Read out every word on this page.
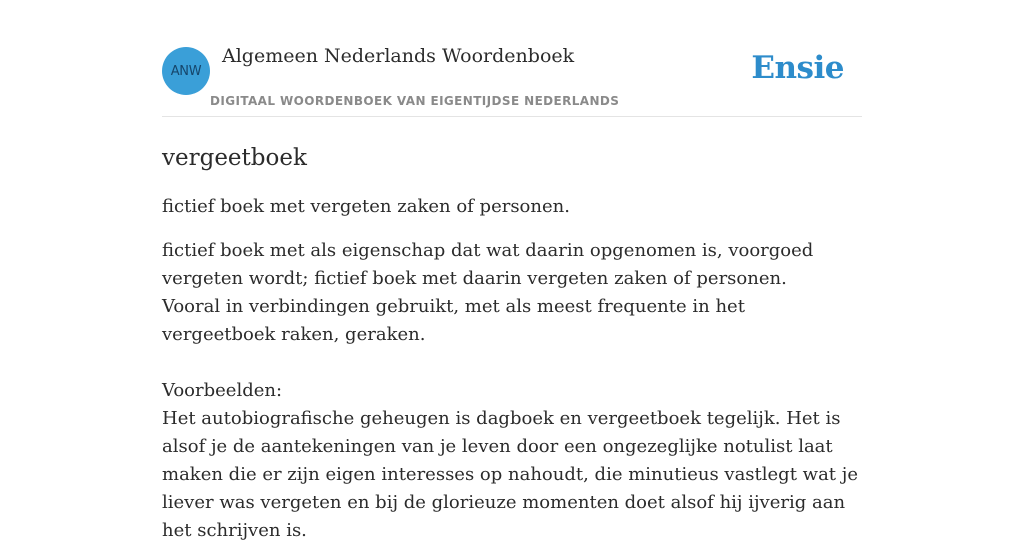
ANW
Algemeen Nederlands Woordenboek
DIGITAAL WOORDENBOEK VAN EIGENTIJDSE NEDERLANDS
Ensie
vergeetboek

fictief boek met vergeten zaken of personen.

fictief boek met als eigenschap dat wat daarin opgenomen is, voorgoed vergeten wordt; fictief boek met daarin vergeten zaken of personen.
Vooral in verbindingen gebruikt, met als meest frequente in het vergeetboek raken, geraken.

Voorbeelden:
Het autobiografische geheugen is dagboek en vergeetboek tegelijk. Het is alsof je de aantekeningen van je leven door een ongezeglijke notulist laat maken die er zijn eigen interesses op nahoudt, die minutieus vastlegt wat je liever was vergeten en bij de glorieuze momenten doet alsof hij ijverig aan het schrijven is.
